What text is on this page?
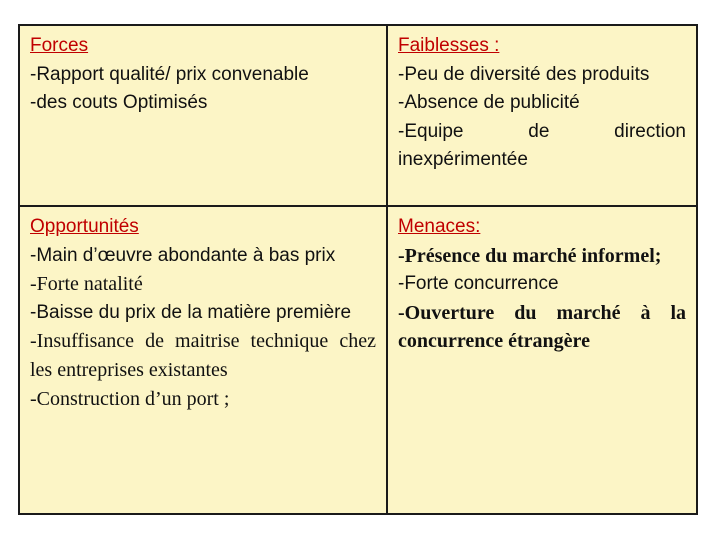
Forces
-Rapport qualité/ prix convenable
-des couts Optimisés
Faiblesses :
-Peu de diversité des produits
-Absence de publicité
-Equipe de direction inexpérimentée
Opportunités
-Main d’œuvre abondante à bas prix
-Forte natalité
-Baisse du prix de la matière première
-Insuffisance de maitrise technique chez les entreprises existantes
-Construction d’un port ;
Menaces:
-Présence du marché informel;
-Forte concurrence
-Ouverture du marché à la concurrence étrangère
